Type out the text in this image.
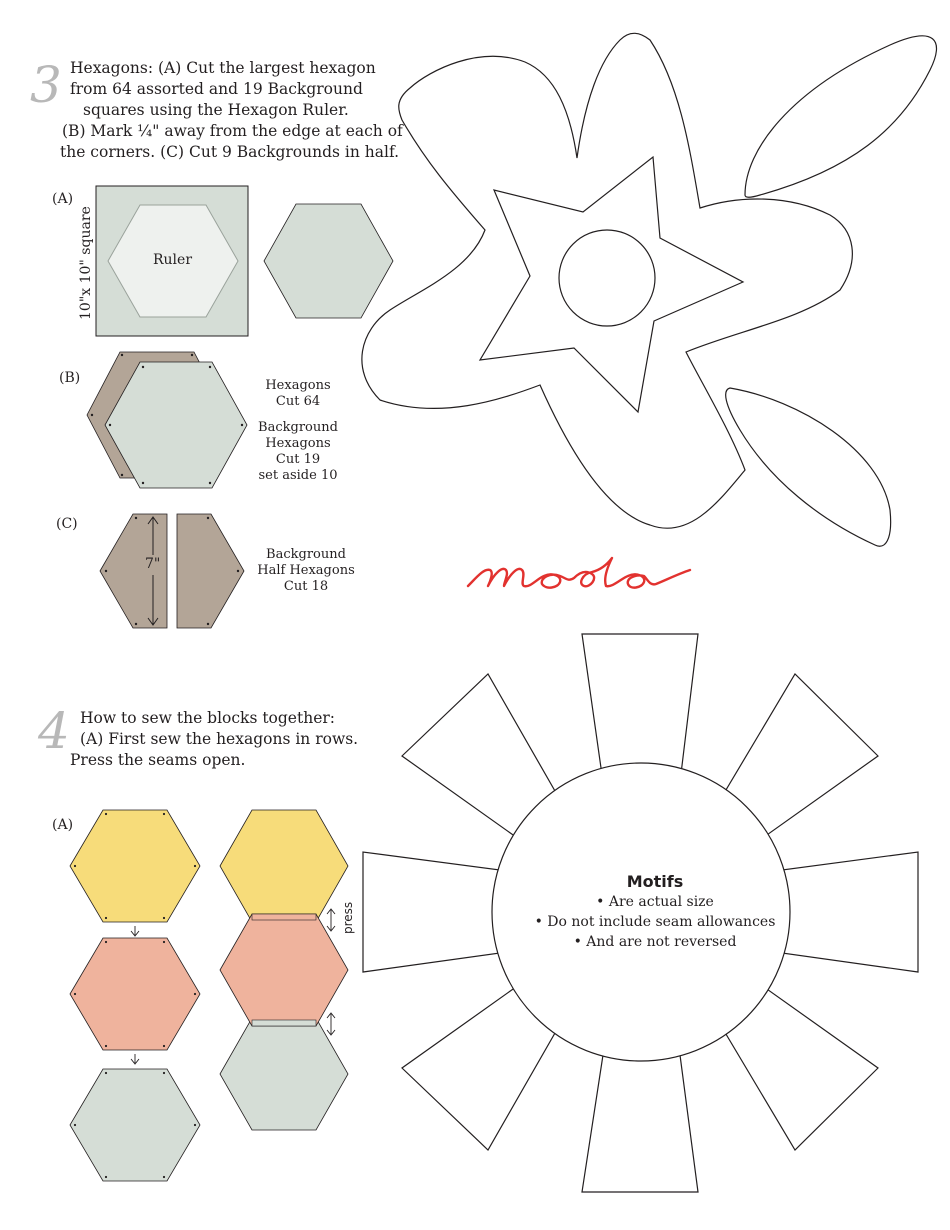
3 Hexagons: (A) Cut the largest hexagon
from 64 assorted and 19 Background
squares using the Hexagon Ruler.
(B) Mark ¼" away from the edge at each of
the corners. (C) Cut 9 Backgrounds in half.
(A)
Ruler
10"x 10" square
(B)	Hexagons
Cut 64
Background
Hexagons
Cut 19
set aside 10
(C)
7"
Background
Half Hexagons
Cut 18
4 How to sew the blocks together:
(A) First sew the hexagons in rows.
Press the seams open.
(A)
press
Motifs
• Are actual size
• Do not include seam allowances
• And are not reversed
